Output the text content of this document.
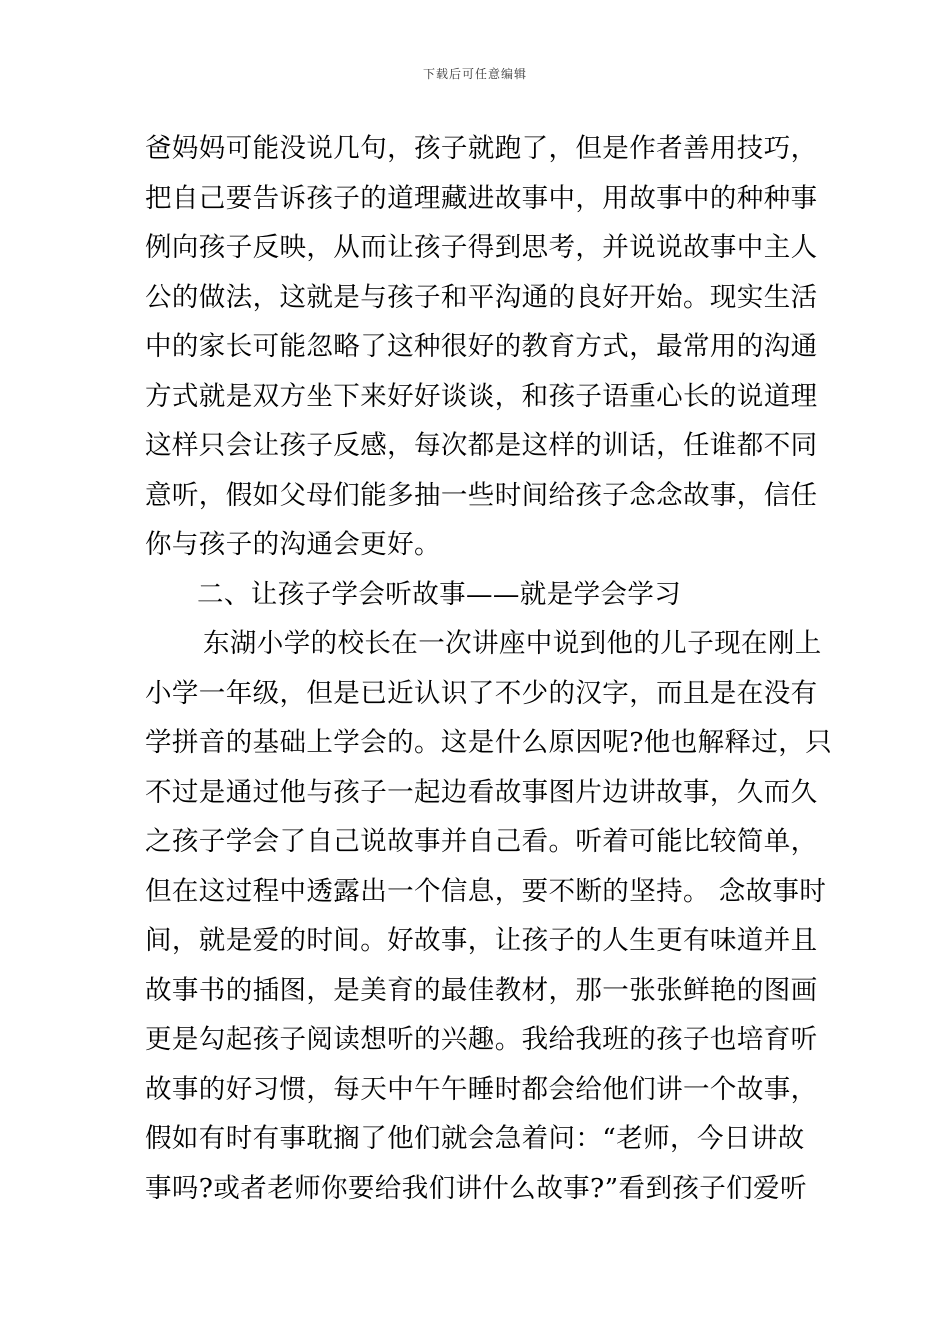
下载后可任意编辑
爸妈妈可能没说几句，孩子就跑了，但是作者善用技巧，
把自己要告诉孩子的道理藏进故事中，用故事中的种种事
例向孩子反映，从而让孩子得到思考，并说说故事中主人
公的做法，这就是与孩子和平沟通的良好开始。现实生活
中的家长可能忽略了这种很好的教育方式，最常用的沟通
方式就是双方坐下来好好谈谈，和孩子语重心长的说道理
这样只会让孩子反感，每次都是这样的训话，任谁都不同
意听，假如父母们能多抽一些时间给孩子念念故事，信任
你与孩子的沟通会更好。
二、让孩子学会听故事——就是学会学习
东湖小学的校长在一次讲座中说到他的儿子现在刚上
小学一年级，但是已近认识了不少的汉字，而且是在没有
学拼音的基础上学会的。这是什么原因呢?他也解释过，只
不过是通过他与孩子一起边看故事图片边讲故事，久而久
之孩子学会了自己说故事并自己看。听着可能比较简单，
但在这过程中透露出一个信息，要不断的坚持。 念故事时
间，就是爱的时间。好故事，让孩子的人生更有味道并且
故事书的插图，是美育的最佳教材，那一张张鲜艳的图画
更是勾起孩子阅读想听的兴趣。我给我班的孩子也培育听
故事的好习惯，每天中午午睡时都会给他们讲一个故事，
假如有时有事耽搁了他们就会急着问：“老师，今日讲故
事吗?或者老师你要给我们讲什么故事?”看到孩子们爱听
